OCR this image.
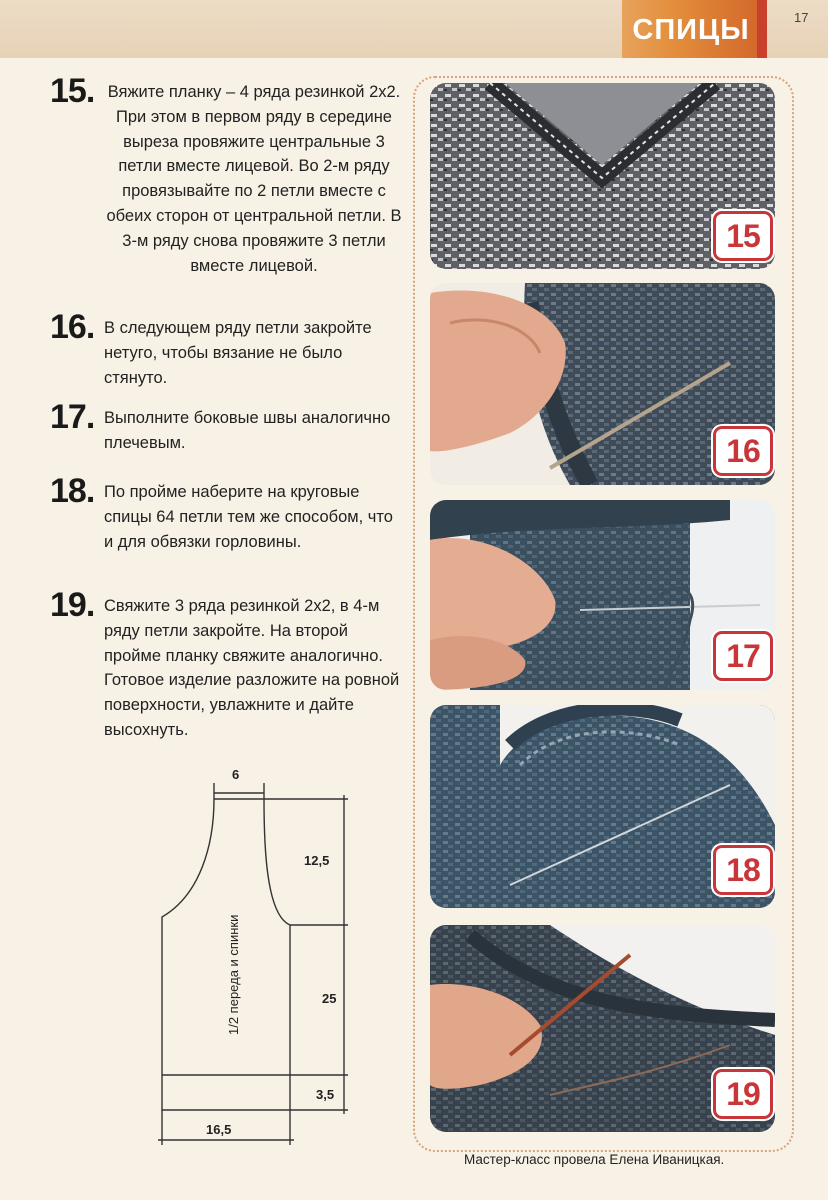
СПИЦЫ	17
15. Вяжите планку – 4 ряда резинкой 2х2. При этом в первом ряду в середине выреза провяжите центральные 3 петли вместе лицевой. Во 2-м ряду провязывайте по 2 петли вместе с обеих сторон от центральной петли. В 3-м ряду снова провяжите 3 петли вместе лицевой.
16. В следующем ряду петли закройте нетуго, чтобы вязание не было стянуто.
17. Выполните боковые швы аналогично плечевым.
18. По пройме наберите на круговые спицы 64 петли тем же способом, что и для обвязки горловины.
19. Свяжите 3 ряда резинкой 2х2, в 4-м ряду петли закройте. На второй пройме планку свяжите аналогично. Готовое изделие разложите на ровной поверхности, увлажните и дайте высохнуть.
6
12,5
25
3,5
16,5
1/2 переда и спинки
15
16
17
18
19
Мастер-класс провела Елена Иваницкая.
